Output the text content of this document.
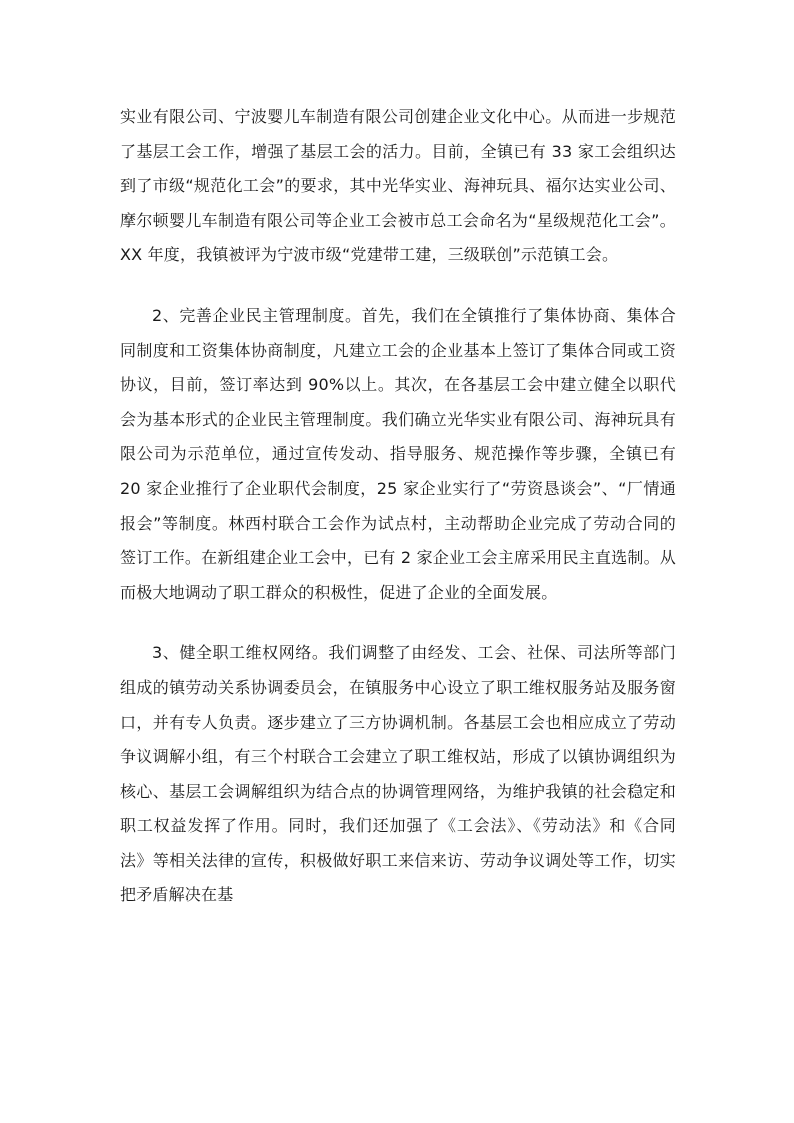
实业有限公司、宁波婴儿车制造有限公司创建企业文化中心。从而进一步规范了基层工会工作，增强了基层工会的活力。目前，全镇已有 33 家工会组织达到了市级“规范化工会”的要求，其中光华实业、海神玩具、福尔达实业公司、摩尔顿婴儿车制造有限公司等企业工会被市总工会命名为“星级规范化工会”。XX 年度，我镇被评为宁波市级“党建带工建，三级联创”示范镇工会。

2、完善企业民主管理制度。首先，我们在全镇推行了集体协商、集体合同制度和工资集体协商制度，凡建立工会的企业基本上签订了集体合同或工资协议，目前，签订率达到 90%以上。其次，在各基层工会中建立健全以职代会为基本形式的企业民主管理制度。我们确立光华实业有限公司、海神玩具有限公司为示范单位，通过宣传发动、指导服务、规范操作等步骤，全镇已有 20 家企业推行了企业职代会制度，25 家企业实行了“劳资恳谈会”、“厂情通报会”等制度。林西村联合工会作为试点村，主动帮助企业完成了劳动合同的签订工作。在新组建企业工会中，已有 2 家企业工会主席采用民主直选制。从而极大地调动了职工群众的积极性，促进了企业的全面发展。

3、健全职工维权网络。我们调整了由经发、工会、社保、司法所等部门组成的镇劳动关系协调委员会，在镇服务中心设立了职工维权服务站及服务窗口，并有专人负责。逐步建立了三方协调机制。各基层工会也相应成立了劳动争议调解小组，有三个村联合工会建立了职工维权站，形成了以镇协调组织为核心、基层工会调解组织为结合点的协调管理网络，为维护我镇的社会稳定和职工权益发挥了作用。同时，我们还加强了《工会法》、《劳动法》和《合同法》等相关法律的宣传，积极做好职工来信来访、劳动争议调处等工作，切实把矛盾解决在基
